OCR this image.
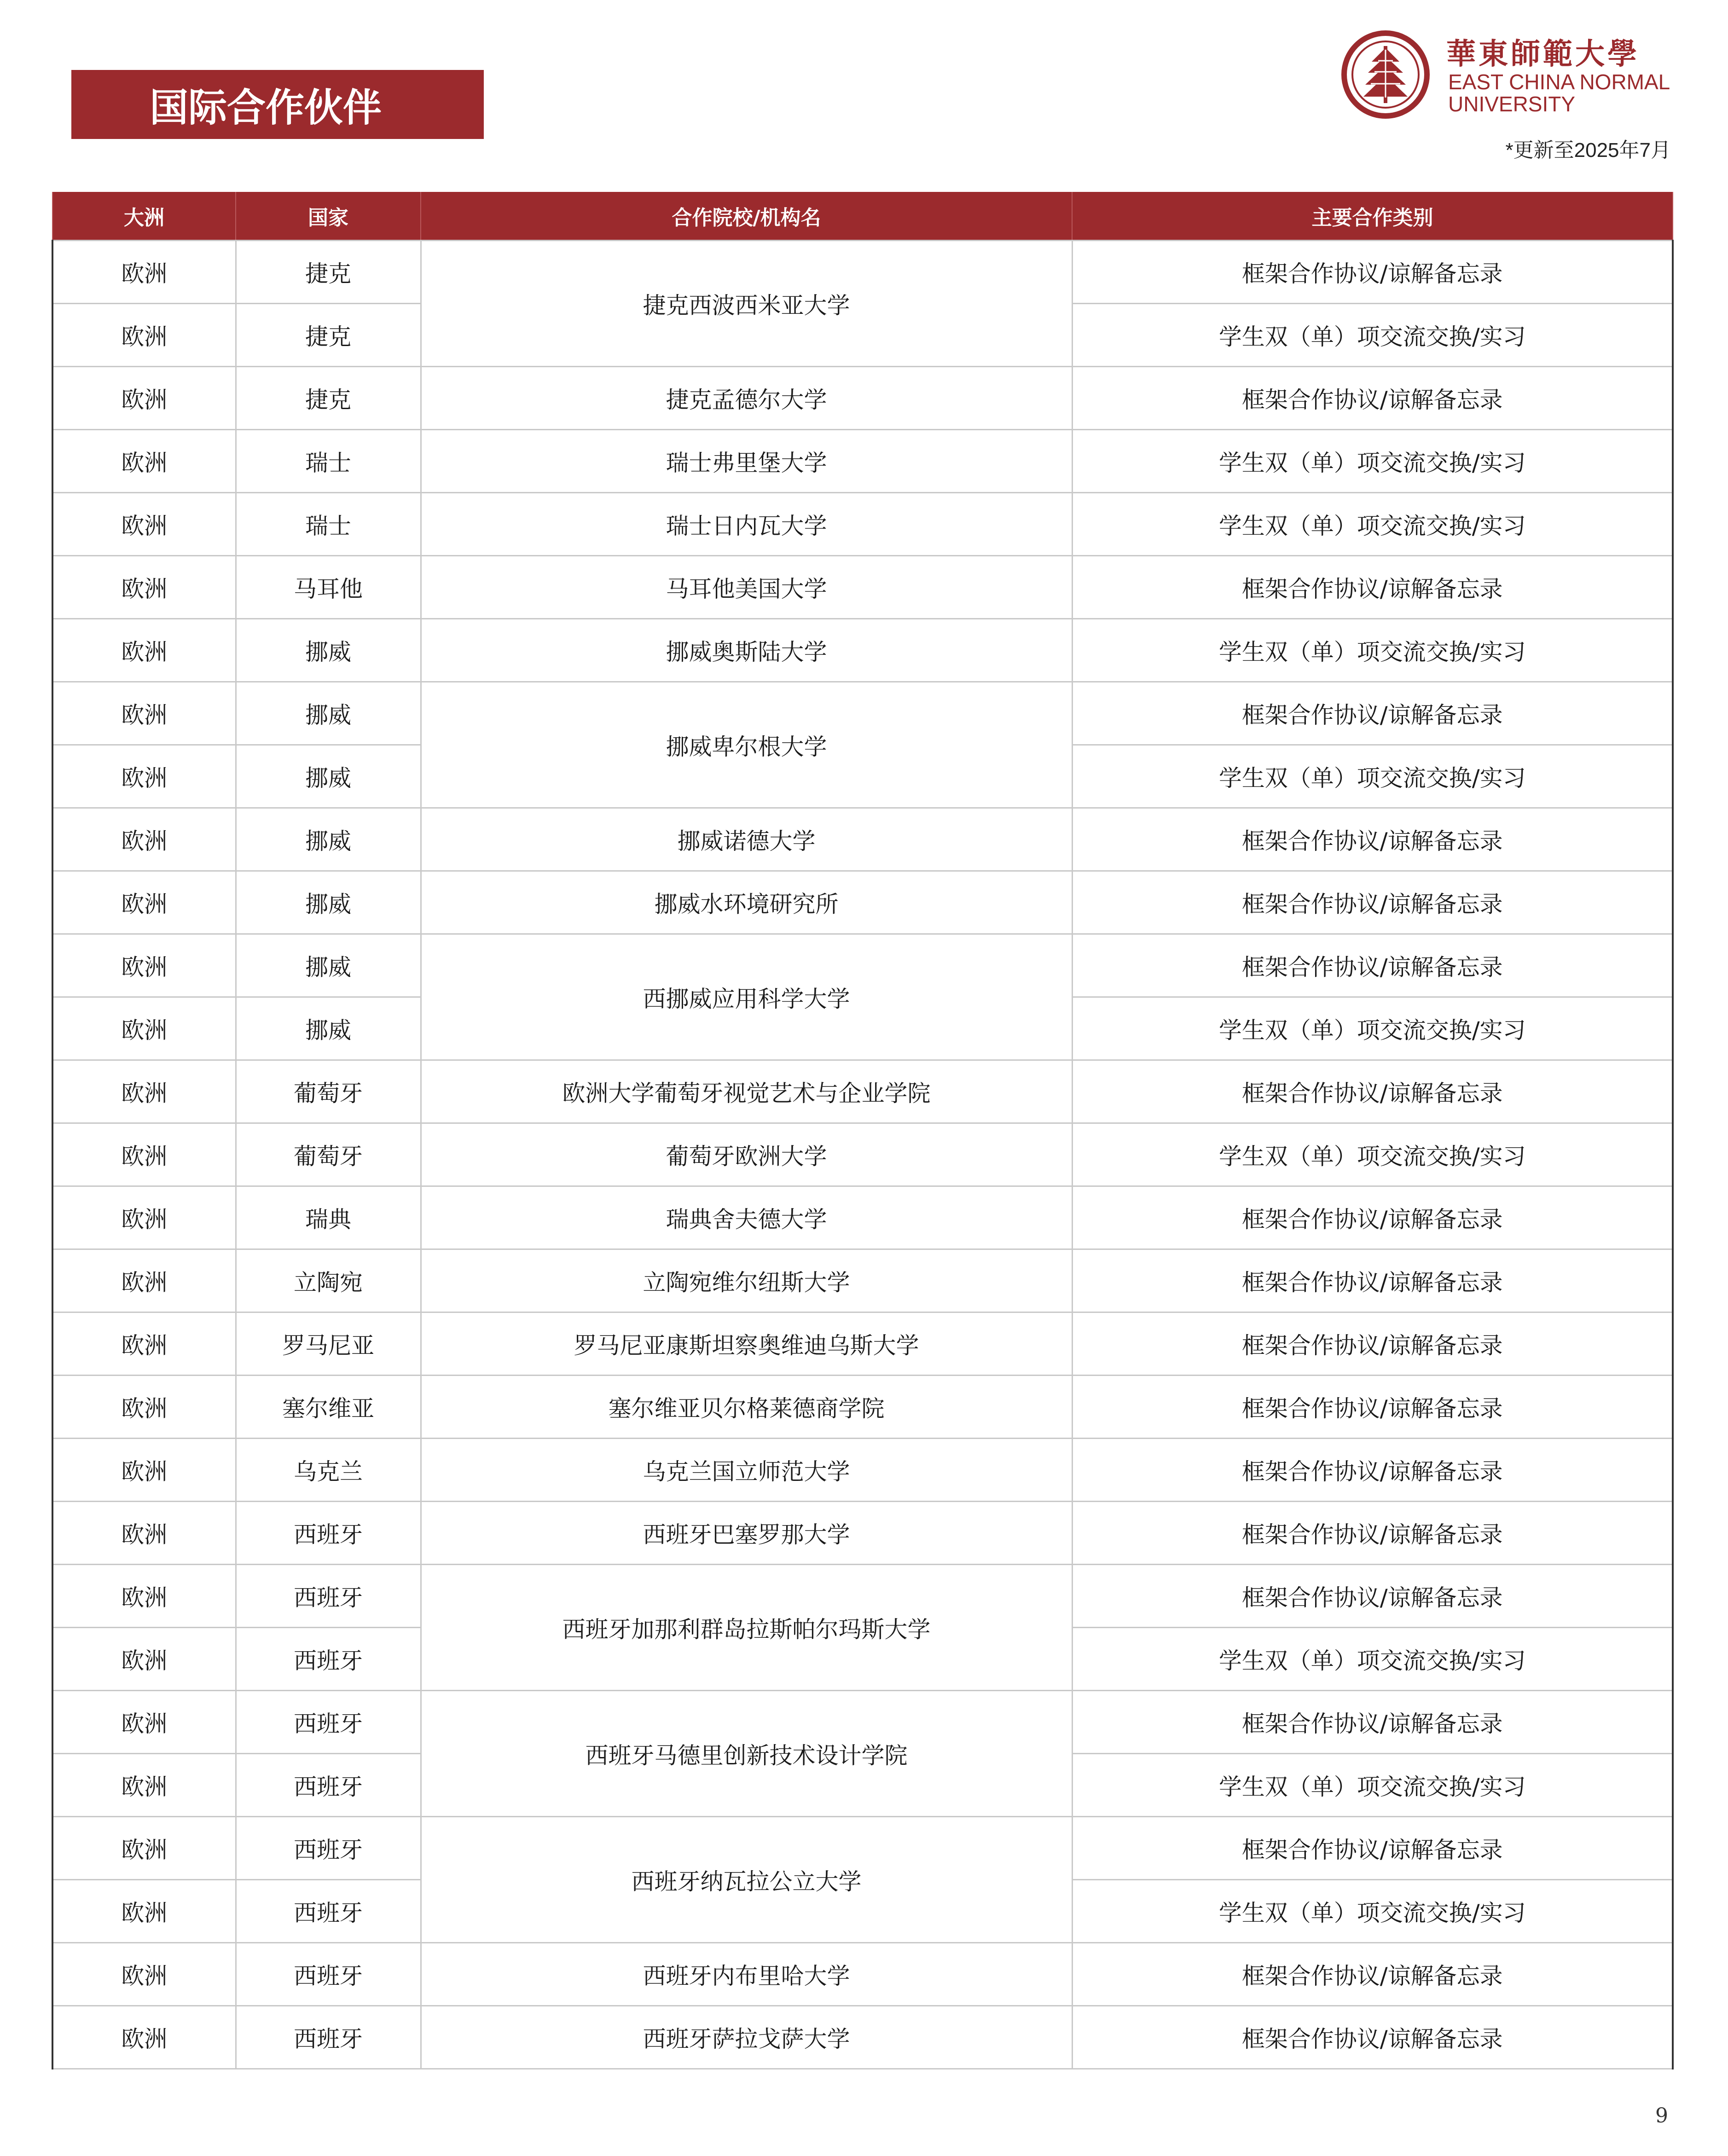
国际合作伙伴
華東師範大學
EAST CHINA NORMAL
UNIVERSITY
*更新至2025年7月
大洲	国家	合作院校/机构名	主要合作类别
欧洲	捷克	捷克西波西米亚大学	框架合作协议/谅解备忘录
欧洲	捷克		学生双（单）项交流交换/实习
欧洲	捷克	捷克孟德尔大学	框架合作协议/谅解备忘录
欧洲	瑞士	瑞士弗里堡大学	学生双（单）项交流交换/实习
欧洲	瑞士	瑞士日内瓦大学	学生双（单）项交流交换/实习
欧洲	马耳他	马耳他美国大学	框架合作协议/谅解备忘录
欧洲	挪威	挪威奥斯陆大学	学生双（单）项交流交换/实习
欧洲	挪威	挪威卑尔根大学	框架合作协议/谅解备忘录
欧洲	挪威		学生双（单）项交流交换/实习
欧洲	挪威	挪威诺德大学	框架合作协议/谅解备忘录
欧洲	挪威	挪威水环境研究所	框架合作协议/谅解备忘录
欧洲	挪威	西挪威应用科学大学	框架合作协议/谅解备忘录
欧洲	挪威		学生双（单）项交流交换/实习
欧洲	葡萄牙	欧洲大学葡萄牙视觉艺术与企业学院	框架合作协议/谅解备忘录
欧洲	葡萄牙	葡萄牙欧洲大学	学生双（单）项交流交换/实习
欧洲	瑞典	瑞典舍夫德大学	框架合作协议/谅解备忘录
欧洲	立陶宛	立陶宛维尔纽斯大学	框架合作协议/谅解备忘录
欧洲	罗马尼亚	罗马尼亚康斯坦察奥维迪乌斯大学	框架合作协议/谅解备忘录
欧洲	塞尔维亚	塞尔维亚贝尔格莱德商学院	框架合作协议/谅解备忘录
欧洲	乌克兰	乌克兰国立师范大学	框架合作协议/谅解备忘录
欧洲	西班牙	西班牙巴塞罗那大学	框架合作协议/谅解备忘录
欧洲	西班牙	西班牙加那利群岛拉斯帕尔玛斯大学	框架合作协议/谅解备忘录
欧洲	西班牙		学生双（单）项交流交换/实习
欧洲	西班牙	西班牙马德里创新技术设计学院	框架合作协议/谅解备忘录
欧洲	西班牙		学生双（单）项交流交换/实习
欧洲	西班牙	西班牙纳瓦拉公立大学	框架合作协议/谅解备忘录
欧洲	西班牙		学生双（单）项交流交换/实习
欧洲	西班牙	西班牙内布里哈大学	框架合作协议/谅解备忘录
欧洲	西班牙	西班牙萨拉戈萨大学	框架合作协议/谅解备忘录
9
